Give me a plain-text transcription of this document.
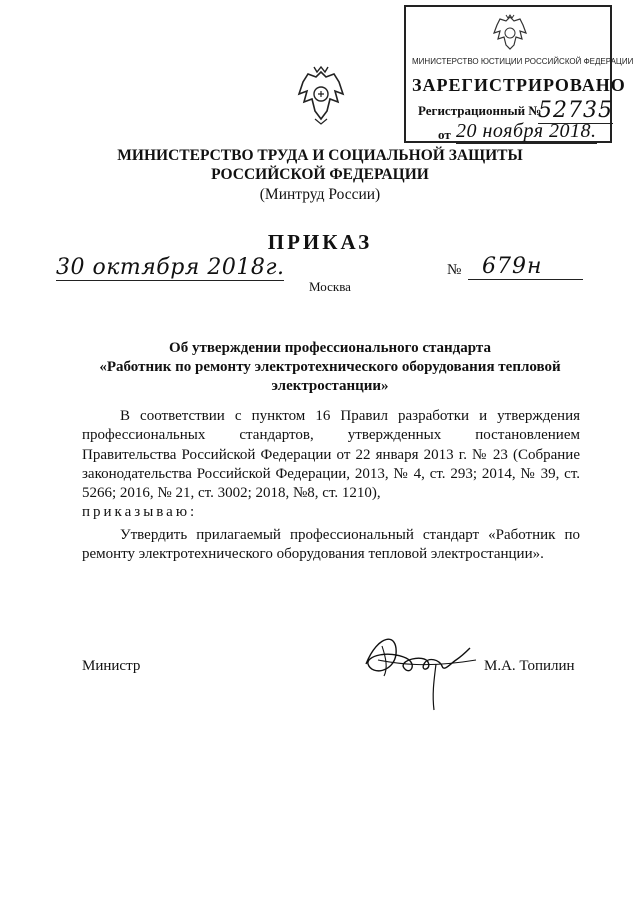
МИНИСТЕРСТВО ЮСТИЦИИ РОССИЙСКОЙ ФЕДЕРАЦИИ
ЗАРЕГИСТРИРОВАНО
Регистрационный №
52735
от 20 ноября 2018.
МИНИСТЕРСТВО ТРУДА И СОЦИАЛЬНОЙ ЗАЩИТЫ
РОССИЙСКОЙ ФЕДЕРАЦИИ
(Минтруд России)
ПРИКАЗ
30 октября 2018г.	№ 679н
Москва
Об утверждении профессионального стандарта
«Работник по ремонту электротехнического оборудования тепловой
электростанции»
В соответствии с пунктом 16 Правил разработки и утверждения профессиональных стандартов, утвержденных постановлением Правительства Российской Федерации от 22 января 2013 г. № 23 (Собрание законодательства Российской Федерации, 2013, № 4, ст. 293; 2014, № 39, ст. 5266; 2016, № 21, ст. 3002; 2018, №8, ст. 1210),
приказываю:
Утвердить прилагаемый профессиональный стандарт «Работник по ремонту электротехнического оборудования тепловой электростанции».
Министр	М.А. Топилин
